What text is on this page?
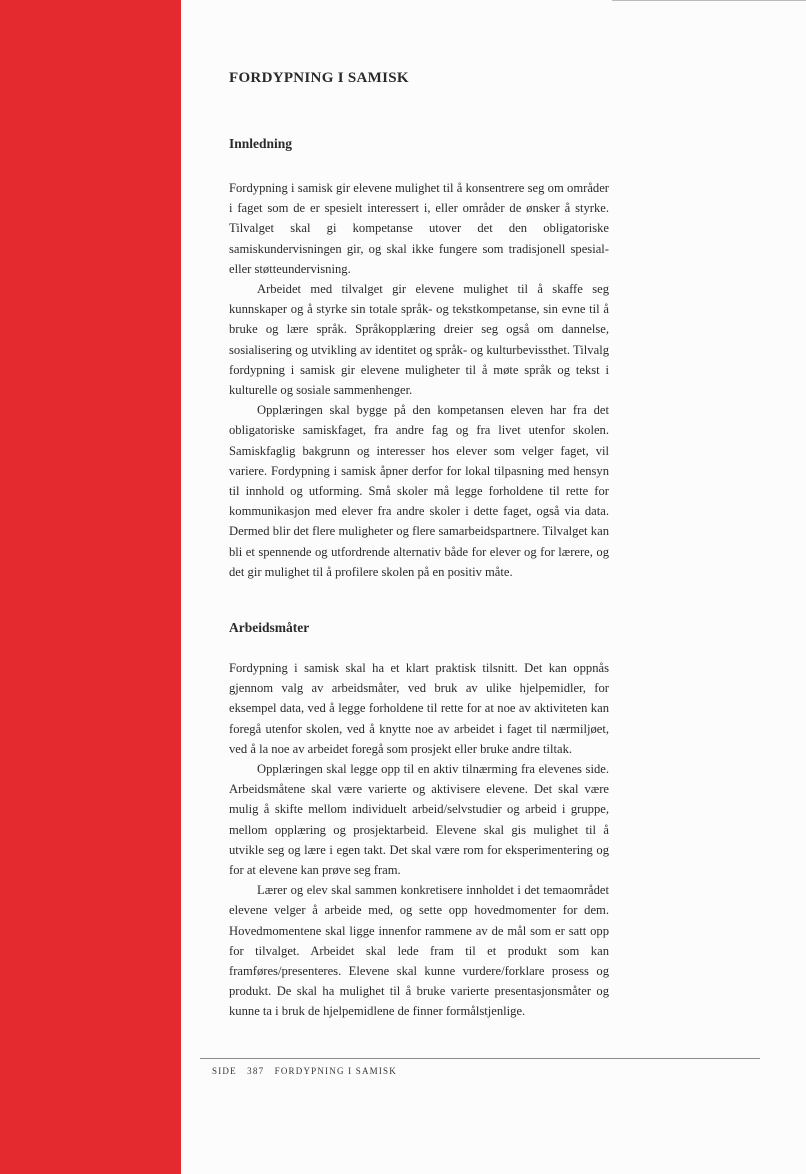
FORDYPNING I SAMISK
Innledning

Fordypning i samisk gir elevene mulighet til å konsentrere seg om områder i faget som de er spesielt interessert i, eller områder de ønsker å styrke. Tilvalget skal gi kompetanse utover det den obligatoriske samiskundervisningen gir, og skal ikke fungere som tradisjonell spesial- eller støtteundervisning.

Arbeidet med tilvalget gir elevene mulighet til å skaffe seg kunnskaper og å styrke sin totale språk- og tekstkompetanse, sin evne til å bruke og lære språk. Språkopplæring dreier seg også om dannelse, sosialisering og utvikling av identitet og språk- og kulturbevissthet. Tilvalg fordypning i samisk gir elevene muligheter til å møte språk og tekst i kulturelle og sosiale sammenhenger.

Opplæringen skal bygge på den kompetansen eleven har fra det obligatoriske samiskfaget, fra andre fag og fra livet utenfor skolen. Samiskfaglig bakgrunn og interesser hos elever som velger faget, vil variere. Fordypning i samisk åpner derfor for lokal tilpasning med hensyn til innhold og utforming. Små skoler må legge forholdene til rette for kommunikasjon med elever fra andre skoler i dette faget, også via data. Dermed blir det flere muligheter og flere samarbeidspartnere. Tilvalget kan bli et spennende og utfordrende alternativ både for elever og for lærere, og det gir mulighet til å profilere skolen på en positiv måte.

Arbeidsmåter

Fordypning i samisk skal ha et klart praktisk tilsnitt. Det kan oppnås gjennom valg av arbeidsmåter, ved bruk av ulike hjelpemidler, for eksempel data, ved å legge forholdene til rette for at noe av aktiviteten kan foregå utenfor skolen, ved å knytte noe av arbeidet i faget til nærmiljøet, ved å la noe av arbeidet foregå som prosjekt eller bruke andre tiltak.

Opplæringen skal legge opp til en aktiv tilnærming fra elevenes side. Arbeidsmåtene skal være varierte og aktivisere elevene. Det skal være mulig å skifte mellom individuelt arbeid/selvstudier og arbeid i gruppe, mellom opplæring og prosjektarbeid. Elevene skal gis mulighet til å utvikle seg og lære i egen takt. Det skal være rom for eksperimentering og for at elevene kan prøve seg fram.

Lærer og elev skal sammen konkretisere innholdet i det temaområdet elevene velger å arbeide med, og sette opp hovedmomenter for dem. Hovedmomentene skal ligge innenfor rammene av de mål som er satt opp for tilvalget. Arbeidet skal lede fram til et produkt som kan framføres/presenteres. Elevene skal kunne vurdere/forklare prosess og produkt. De skal ha mulighet til å bruke varierte presentasjonsmåter og kunne ta i bruk de hjelpemidlene de finner formålstjenlige.

SIDE 387 FORDYPNING I SAMISK
